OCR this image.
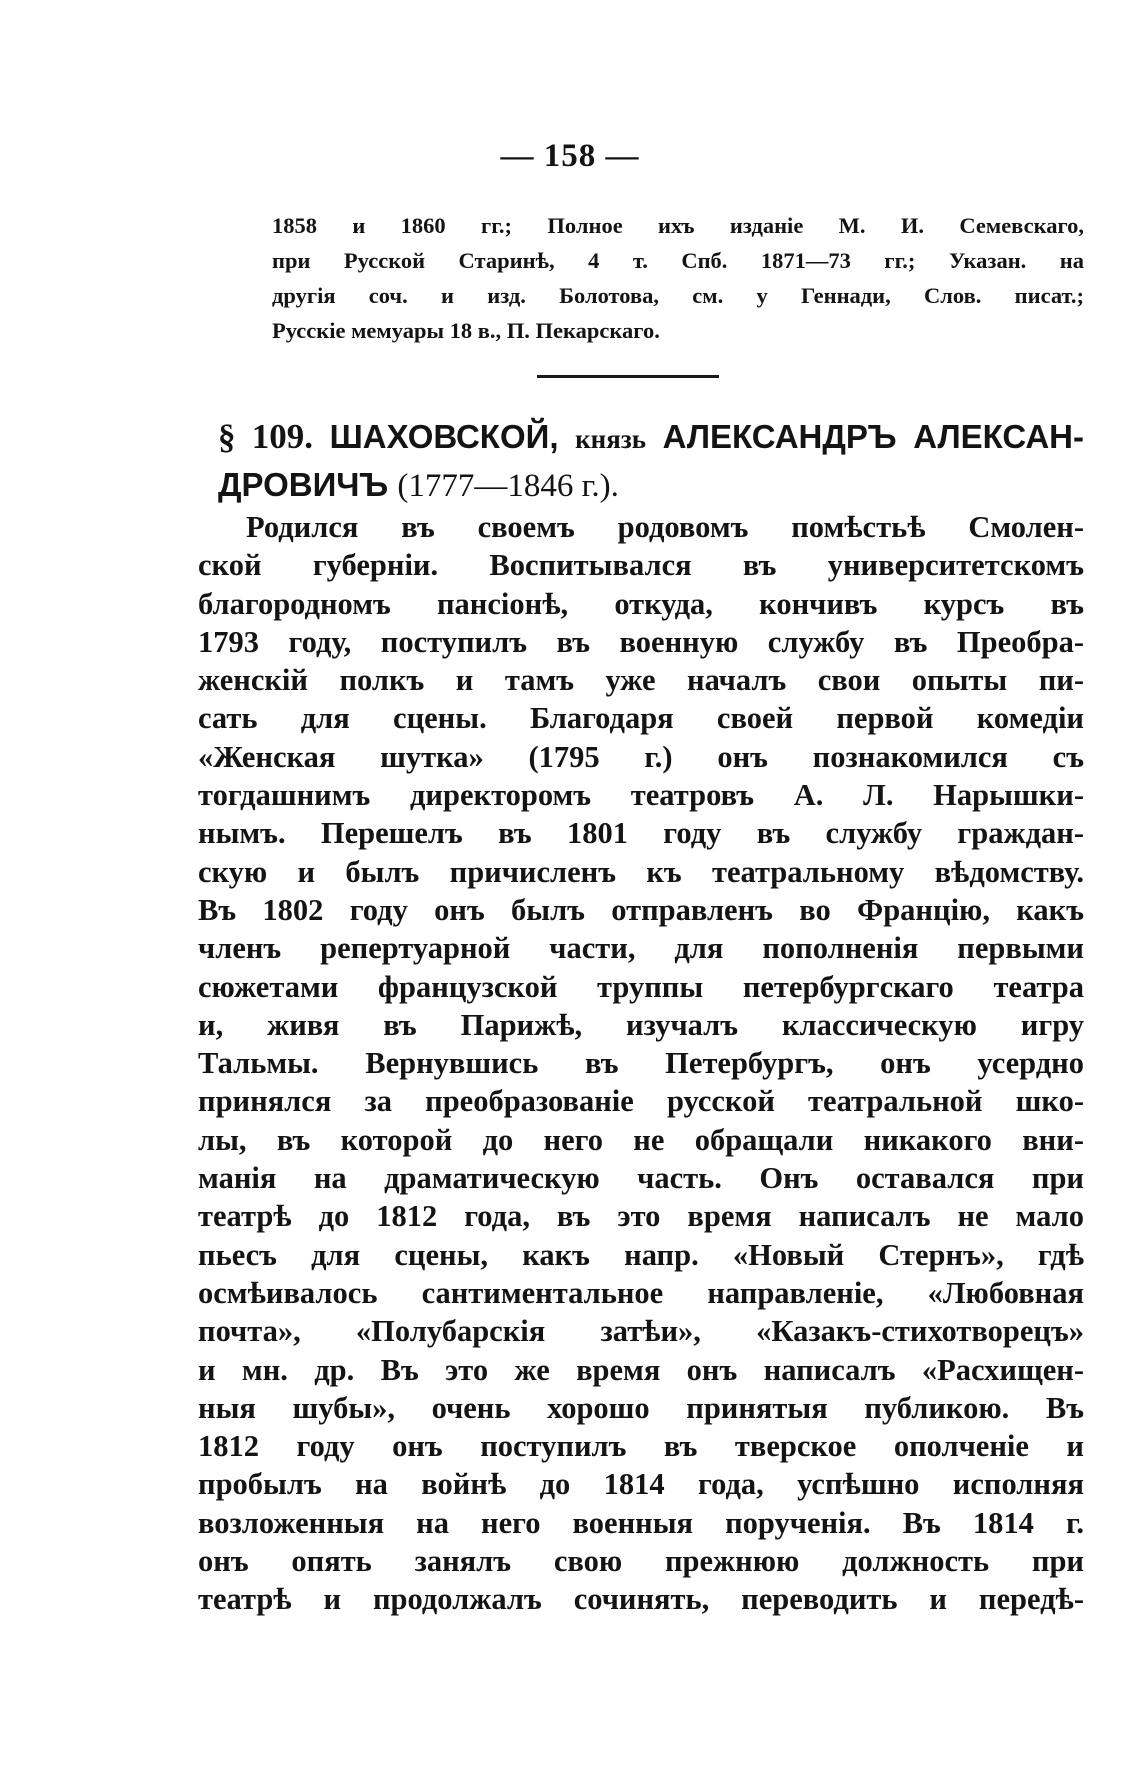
— 158 —
1858 и 1860 гг.; Полное ихъ изданіе М. И. Семевскаго,
при Русской Старинѣ, 4 т. Спб. 1871—73 гг.; Указан. на
другія соч. и изд. Болотова, см. у Геннади, Слов. писат.;
Русскіе мемуары 18 в., П. Пекарскаго.
§ 109. ШАХОВСКОЙ, князь АЛЕКСАНДРЪ АЛЕКСАН-
ДРОВИЧЪ (1777—1846 г.).
Родился въ своемъ родовомъ помѣстьѣ Смолен-
ской губерніи. Воспитывался въ университетскомъ
благородномъ пансіонѣ, откуда, кончивъ курсъ въ
1793 году, поступилъ въ военную службу въ Преобра-
женскій полкъ и тамъ уже началъ свои опыты пи-
сать для сцены. Благодаря своей первой комедіи
«Женская шутка» (1795 г.) онъ познакомился съ
тогдашнимъ директоромъ театровъ А. Л. Нарышки-
нымъ. Перешелъ въ 1801 году въ службу граждан-
скую и былъ причисленъ къ театральному вѣдомству.
Въ 1802 году онъ былъ отправленъ во Францію, какъ
членъ репертуарной части, для пополненія первыми
сюжетами французской труппы петербургскаго театра
и, живя въ Парижѣ, изучалъ классическую игру
Тальмы. Вернувшись въ Петербургъ, онъ усердно
принялся за преобразованіе русской театральной шко-
лы, въ которой до него не обращали никакого вни-
манія на драматическую часть. Онъ оставался при
театрѣ до 1812 года, въ это время написалъ не мало
пьесъ для сцены, какъ напр. «Новый Стернъ», гдѣ
осмѣивалось сантиментальное направленіе, «Любовная
почта», «Полубарскія затѣи», «Казакъ-стихотворецъ»
и мн. др. Въ это же время онъ написалъ «Расхищен-
ныя шубы», очень хорошо принятыя публикою. Въ
1812 году онъ поступилъ въ тверское ополченіе и
пробылъ на войнѣ до 1814 года, успѣшно исполняя
возложенныя на него военныя порученія. Въ 1814 г.
онъ опять занялъ свою прежнюю должность при
театрѣ и продолжалъ сочинять, переводить и передѣ-
